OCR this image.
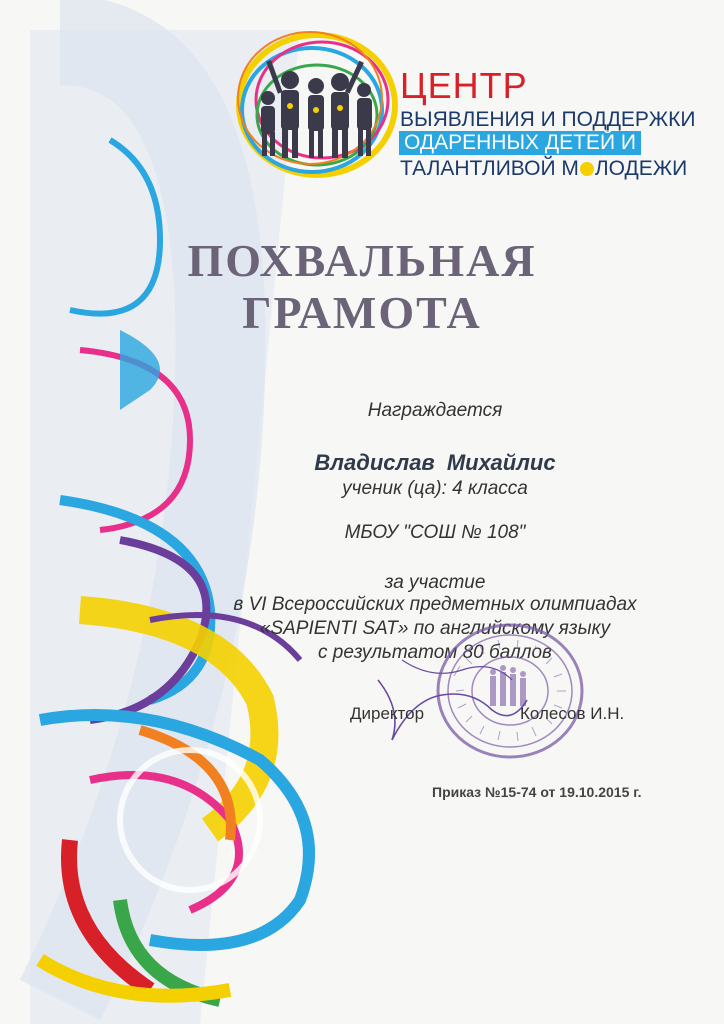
ЦЕНТР
ВЫЯВЛЕНИЯ И ПОДДЕРЖКИ
ОДАРЕННЫХ ДЕТЕЙ И
ТАЛАНТЛИВОЙ М ЛОДЕЖИ
ПОХВАЛЬНАЯ
ГРАМОТА
Награждается
Владислав Михайлис
ученик (ца): 4 класса
МБОУ "СОШ № 108"
за участие
в VI Всероссийских предметных олимпиадах
«SAPIENTI SAT» по английскому языку
с результатом 80 баллов
Директор	Колесов И.Н.
Приказ №15-74 от 19.10.2015 г.
